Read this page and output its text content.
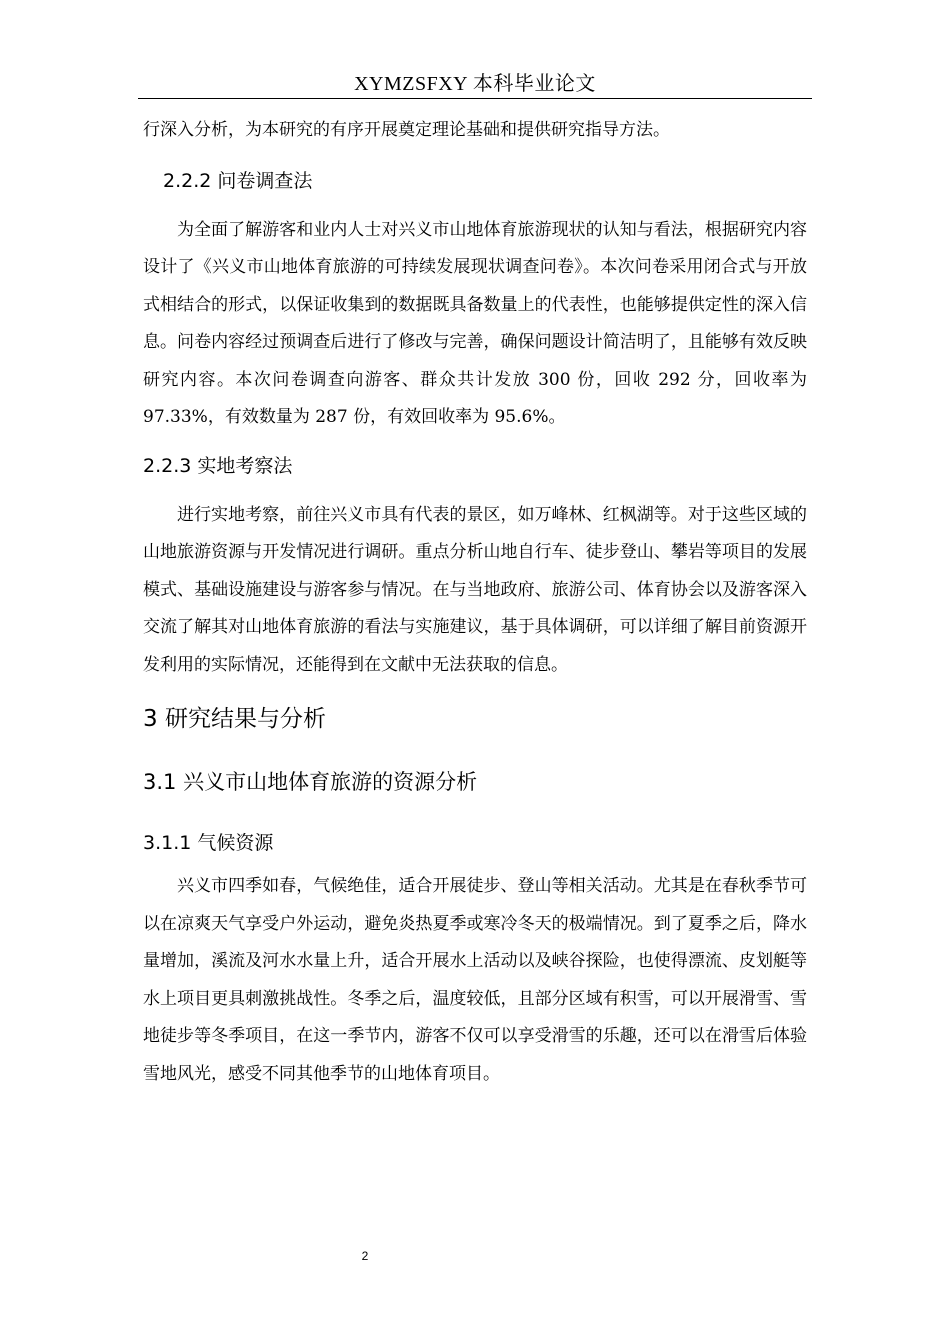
XYMZSFXY 本科毕业论文

行深入分析，为本研究的有序开展奠定理论基础和提供研究指导方法。

2.2.2 问卷调查法

为全面了解游客和业内人士对兴义市山地体育旅游现状的认知与看法，根据研究内容设计了《兴义市山地体育旅游的可持续发展现状调查问卷》。本次问卷采用闭合式与开放式相结合的形式，以保证收集到的数据既具备数量上的代表性，也能够提供定性的深入信息。问卷内容经过预调查后进行了修改与完善，确保问题设计简洁明了，且能够有效反映研究内容。本次问卷调查向游客、群众共计发放 300 份，回收 292 分，回收率为 97.33%，有效数量为 287 份，有效回收率为 95.6%。

2.2.3 实地考察法

进行实地考察，前往兴义市具有代表的景区，如万峰林、红枫湖等。对于这些区域的山地旅游资源与开发情况进行调研。重点分析山地自行车、徒步登山、攀岩等项目的发展模式、基础设施建设与游客参与情况。在与当地政府、旅游公司、体育协会以及游客深入交流了解其对山地体育旅游的看法与实施建议，基于具体调研，可以详细了解目前资源开发利用的实际情况，还能得到在文献中无法获取的信息。

3 研究结果与分析
3.1 兴义市山地体育旅游的资源分析
3.1.1 气候资源

兴义市四季如春，气候绝佳，适合开展徒步、登山等相关活动。尤其是在春秋季节可以在凉爽天气享受户外运动，避免炎热夏季或寒冷冬天的极端情况。到了夏季之后，降水量增加，溪流及河水水量上升，适合开展水上活动以及峡谷探险，也使得漂流、皮划艇等水上项目更具刺激挑战性。冬季之后，温度较低，且部分区域有积雪，可以开展滑雪、雪地徒步等冬季项目，在这一季节内，游客不仅可以享受滑雪的乐趣，还可以在滑雪后体验雪地风光，感受不同其他季节的山地体育项目。

2
